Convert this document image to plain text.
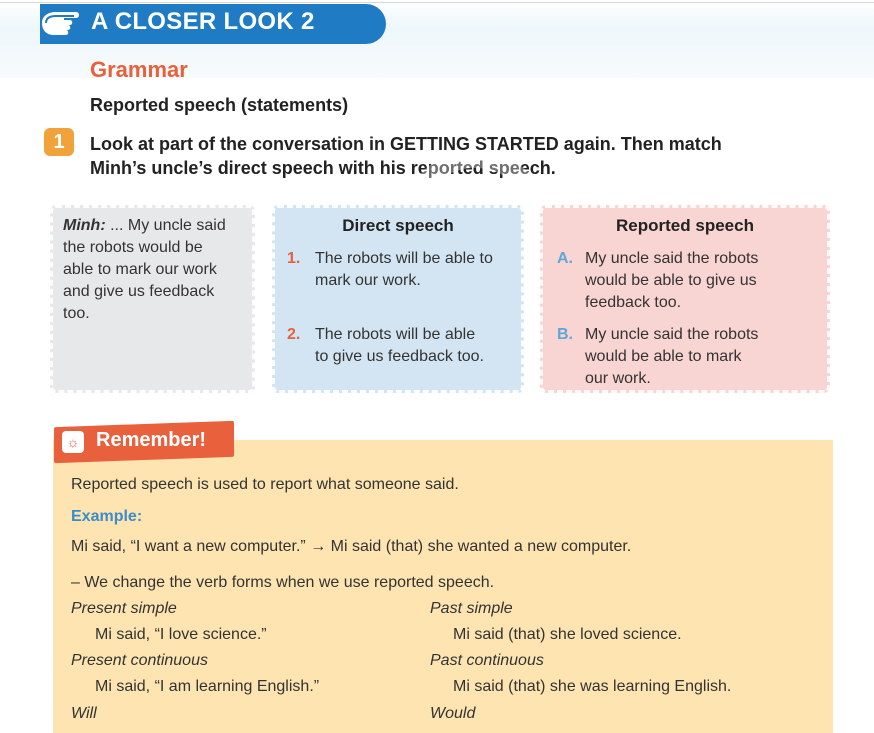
A CLOSER LOOK 2
Grammar
Reported speech (statements)
1	Look at part of the conversation in GETTING STARTED again. Then match
Minh’s uncle’s direct speech with his reported speech.
Minh: ... My uncle said
the robots would be
able to mark our work
and give us feedback
too.
Direct speech
1. The robots will be able to
mark our work.
2. The robots will be able
to give us feedback too.
Reported speech
A. My uncle said the robots
would be able to give us
feedback too.
B. My uncle said the robots
would be able to mark
our work.
☼ Remember!
Reported speech is used to report what someone said.
Example:
Mi said, “I want a new computer.” → Mi said (that) she wanted a new computer.
– We change the verb forms when we use reported speech.
Present simple	Past simple
Mi said, “I love science.”	Mi said (that) she loved science.
Present continuous	Past continuous
Mi said, “I am learning English.”	Mi said (that) she was learning English.
Will	Would
